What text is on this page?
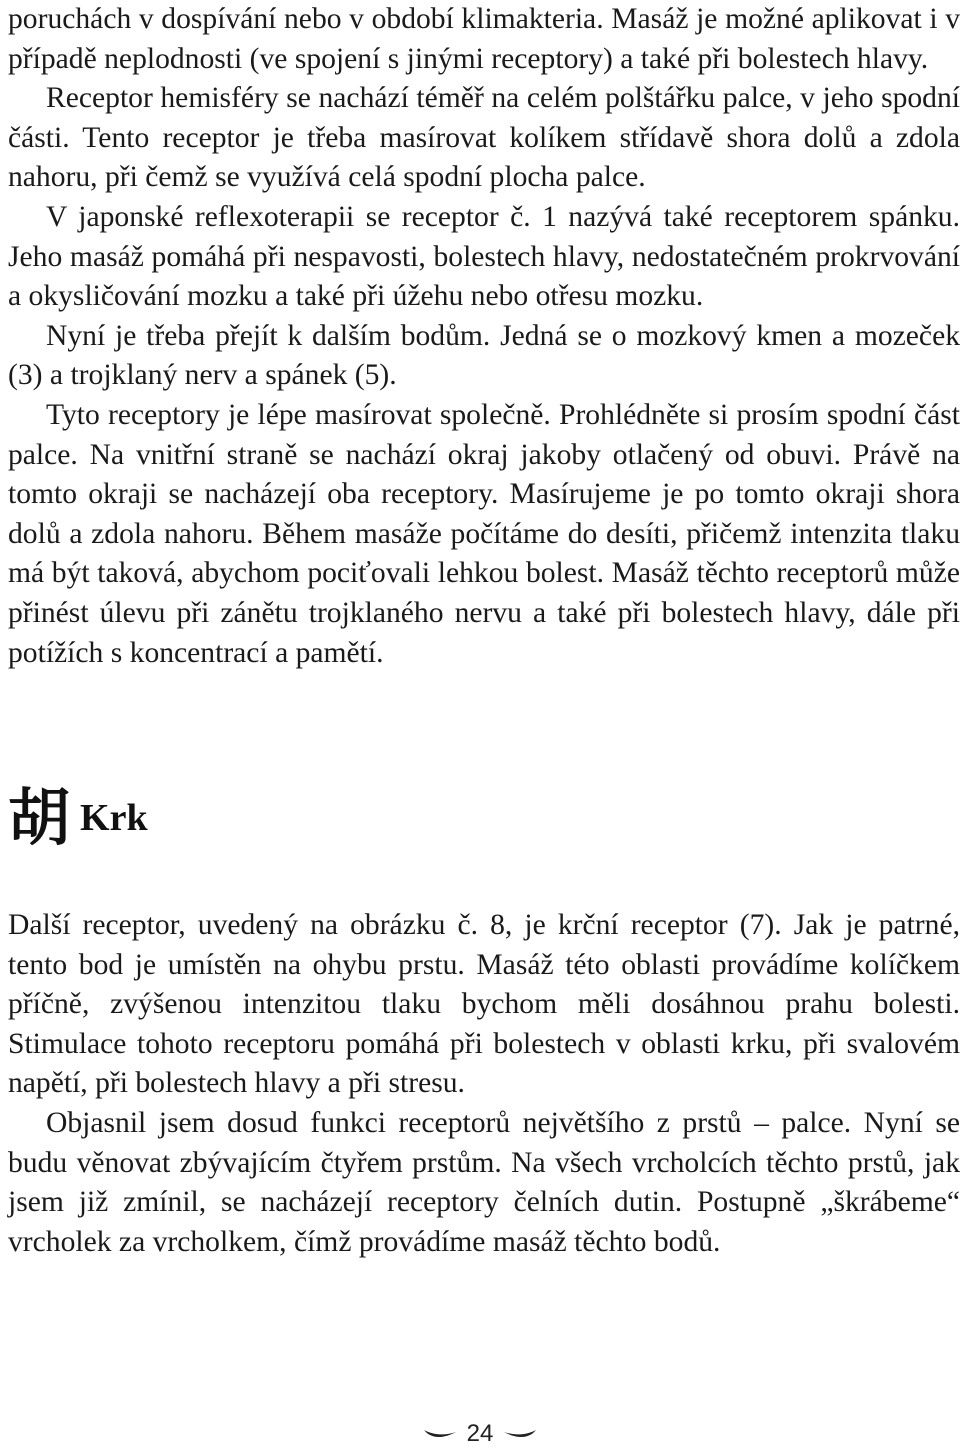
poruchách v dospívání nebo v období klimakteria. Masáž je možné aplikovat i v případě neplodnosti (ve spojení s jinými receptory) a také při bolestech hlavy.

Receptor hemisféry se nachází téměř na celém polštářku palce, v jeho spodní části. Tento receptor je třeba masírovat kolíkem střídavě shora dolů a zdola nahoru, při čemž se využívá celá spodní plocha palce.

V japonské reflexoterapii se receptor č. 1 nazývá také receptorem spánku. Jeho masáž pomáhá při nespavosti, bolestech hlavy, nedostatečném prokrvování a okysličování mozku a také při úžehu nebo otřesu mozku.

Nyní je třeba přejít k dalším bodům. Jedná se o mozkový kmen a mozeček (3) a trojklaný nerv a spánek (5).

Tyto receptory je lépe masírovat společně. Prohlédněte si prosím spodní část palce. Na vnitřní straně se nachází okraj jakoby otlačený od obuvi. Právě na tomto okraji se nacházejí oba receptory. Masírujeme je po tomto okraji shora dolů a zdola nahoru. Během masáže počítáme do desíti, přičemž intenzita tlaku má být taková, abychom pociťovali lehkou bolest. Masáž těchto receptorů může přinést úlevu při zánětu trojklaného nervu a také při bolestech hlavy, dále při potížích s koncentrací a pamětí.

胡 Krk

Další receptor, uvedený na obrázku č. 8, je krční receptor (7). Jak je patrné, tento bod je umístěn na ohybu prstu. Masáž této oblasti provádíme kolíčkem příčně, zvýšenou intenzitou tlaku bychom měli dosáhnou prahu bolesti. Stimulace tohoto receptoru pomáhá při bolestech v oblasti krku, při svalovém napětí, při bolestech hlavy a při stresu.

Objasnil jsem dosud funkci receptorů největšího z prstů – palce. Nyní se budu věnovat zbývajícím čtyřem prstům. Na všech vrcholcích těchto prstů, jak jsem již zmínil, se nacházejí receptory čelních dutin. Postupně „škrábeme“ vrcholek za vrcholkem, čímž provádíme masáž těchto bodů.

24
